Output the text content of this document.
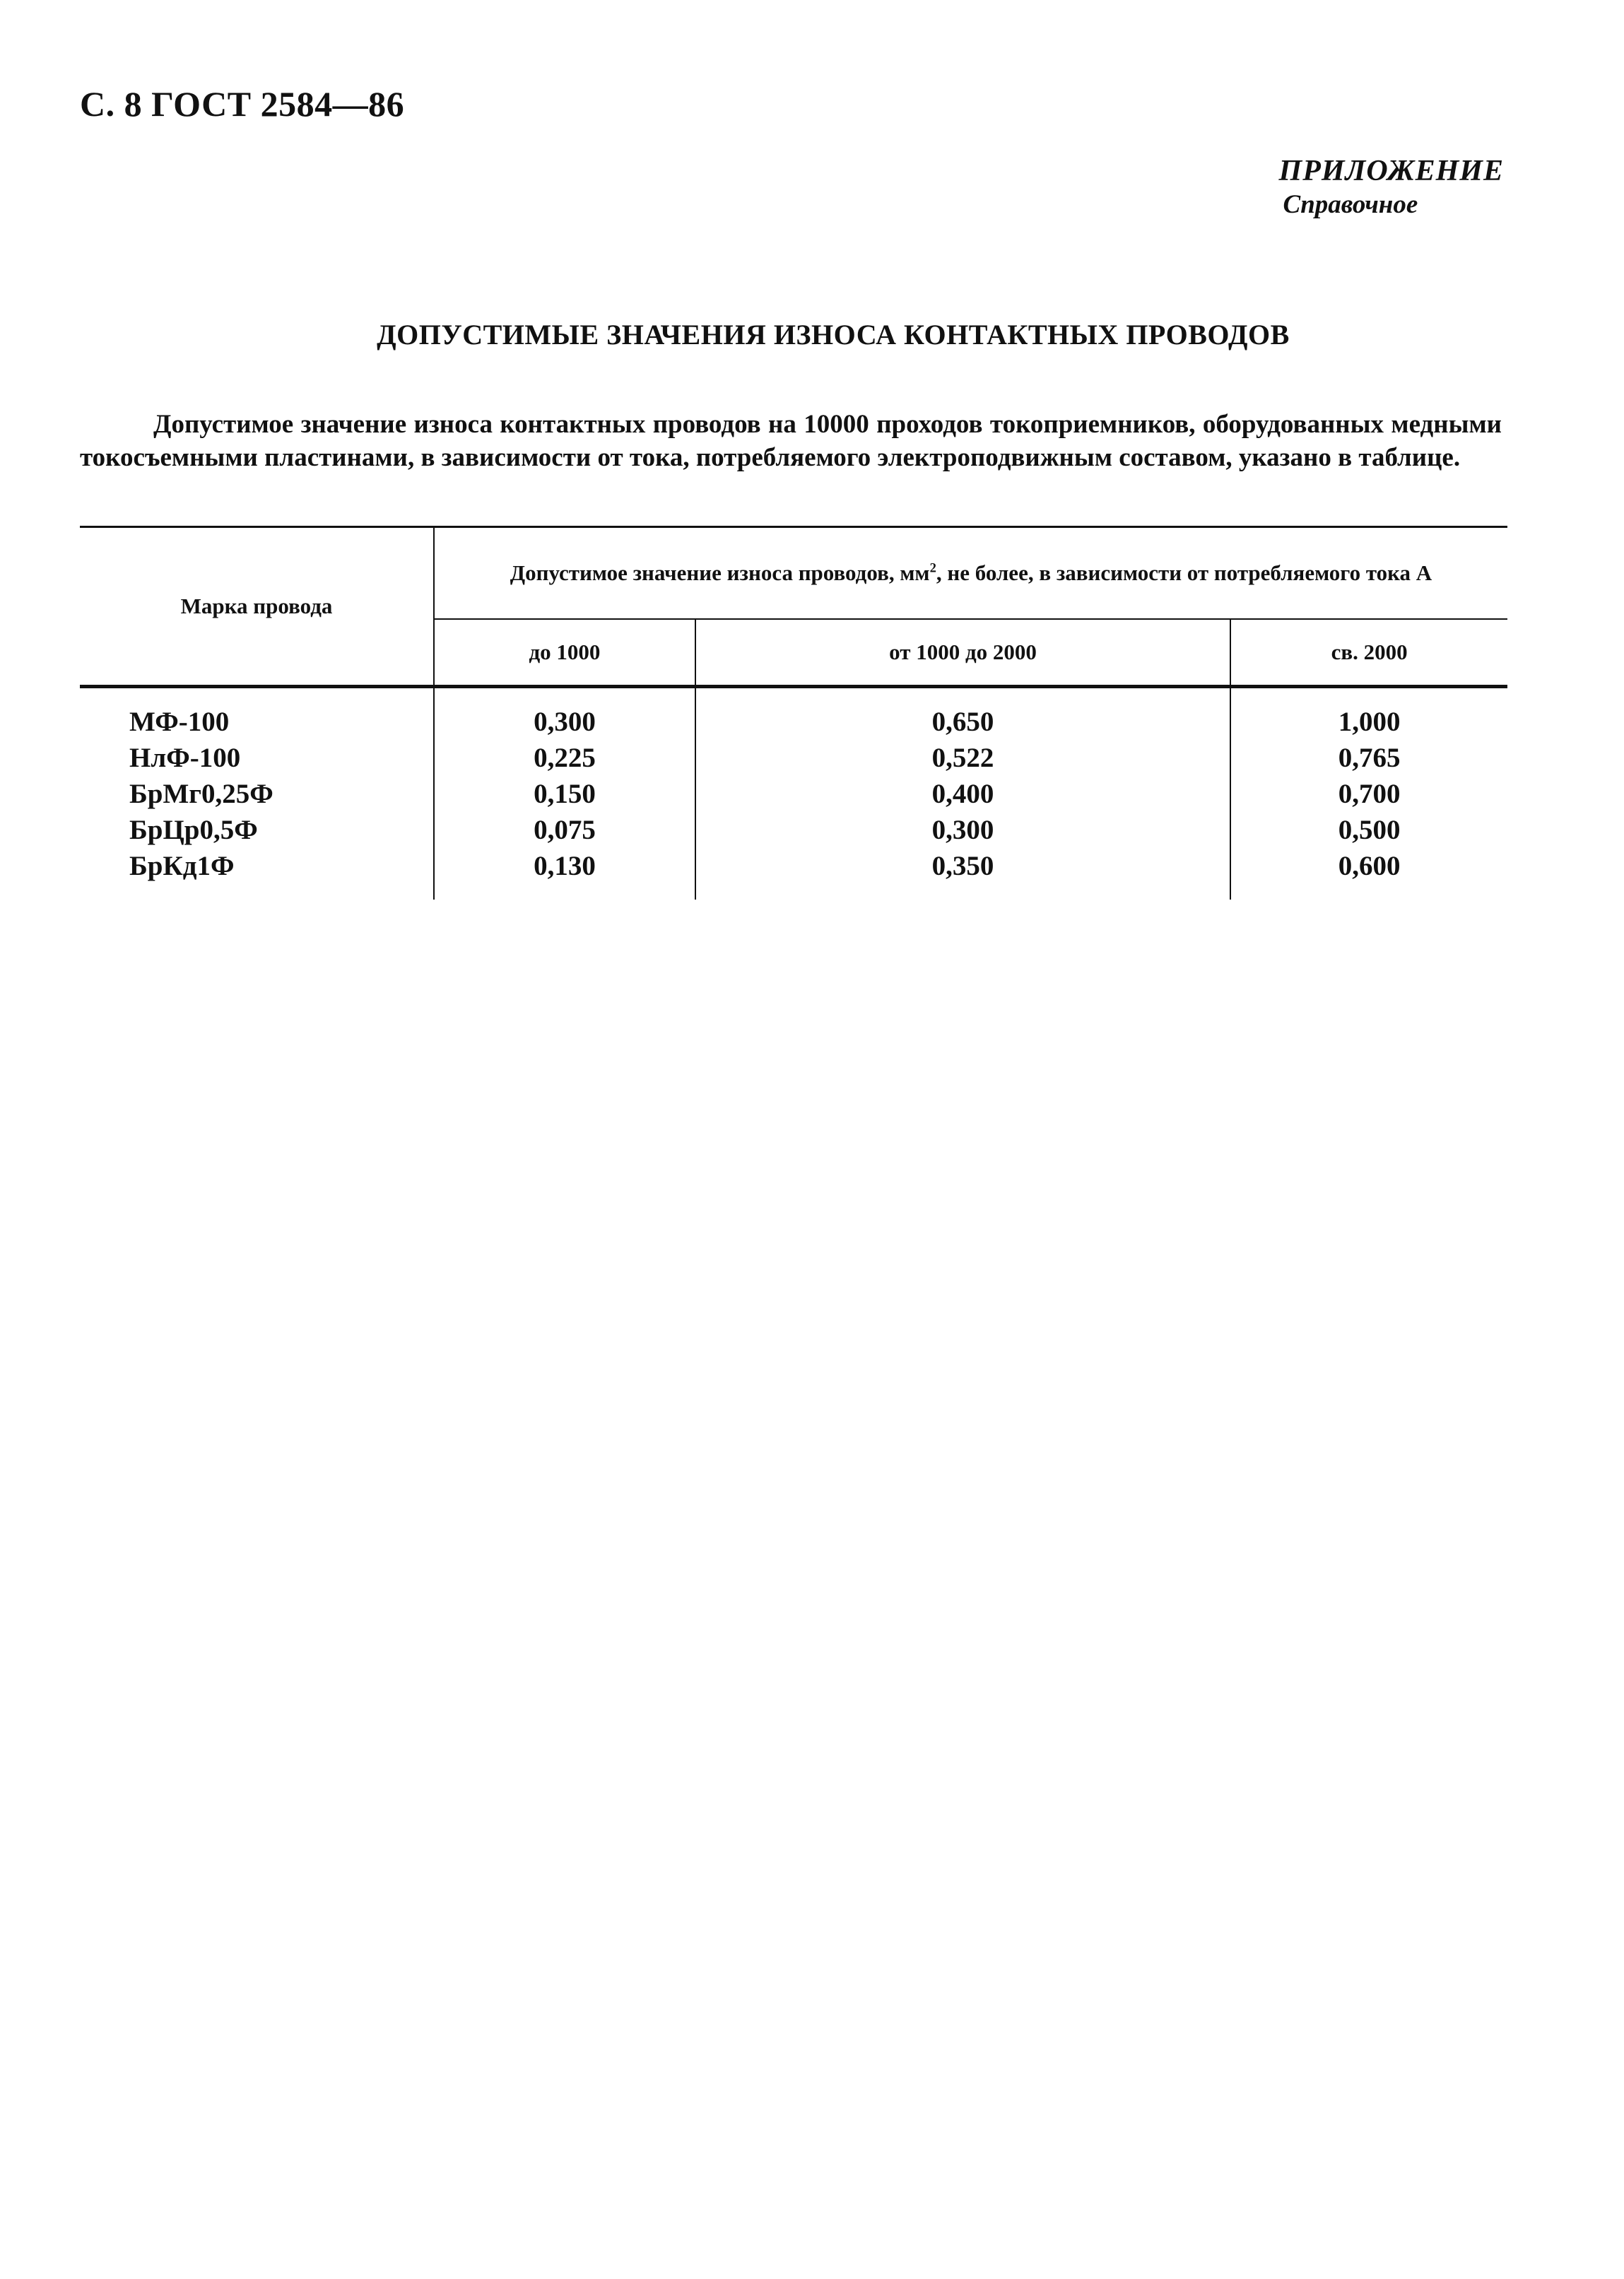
С. 8 ГОСТ 2584—86
ПРИЛОЖЕНИЕ
Справочное
ДОПУСТИМЫЕ ЗНАЧЕНИЯ ИЗНОСА КОНТАКТНЫХ ПРОВОДОВ

Допустимое значение износа контактных проводов на 10000 проходов токоприемников, оборудованных медными токосъемными пластинами, в зависимости от тока, потребляемого электроподвижным составом, указано в таблице.

Марка провода	Допустимое значение износа проводов, $мм^2$, не более, в зависимости от потребляемого тока А		
	до 1000	от 1000 до 2000	св. 2000
МФ-100	0,300	0,650	1,000
НлФ-100	0,225	0,522	0,765
БрМг0,25Ф	0,150	0,400	0,700
БрЦр0,5Ф	0,075	0,300	0,500
БрКд1Ф	0,130	0,350	0,600
